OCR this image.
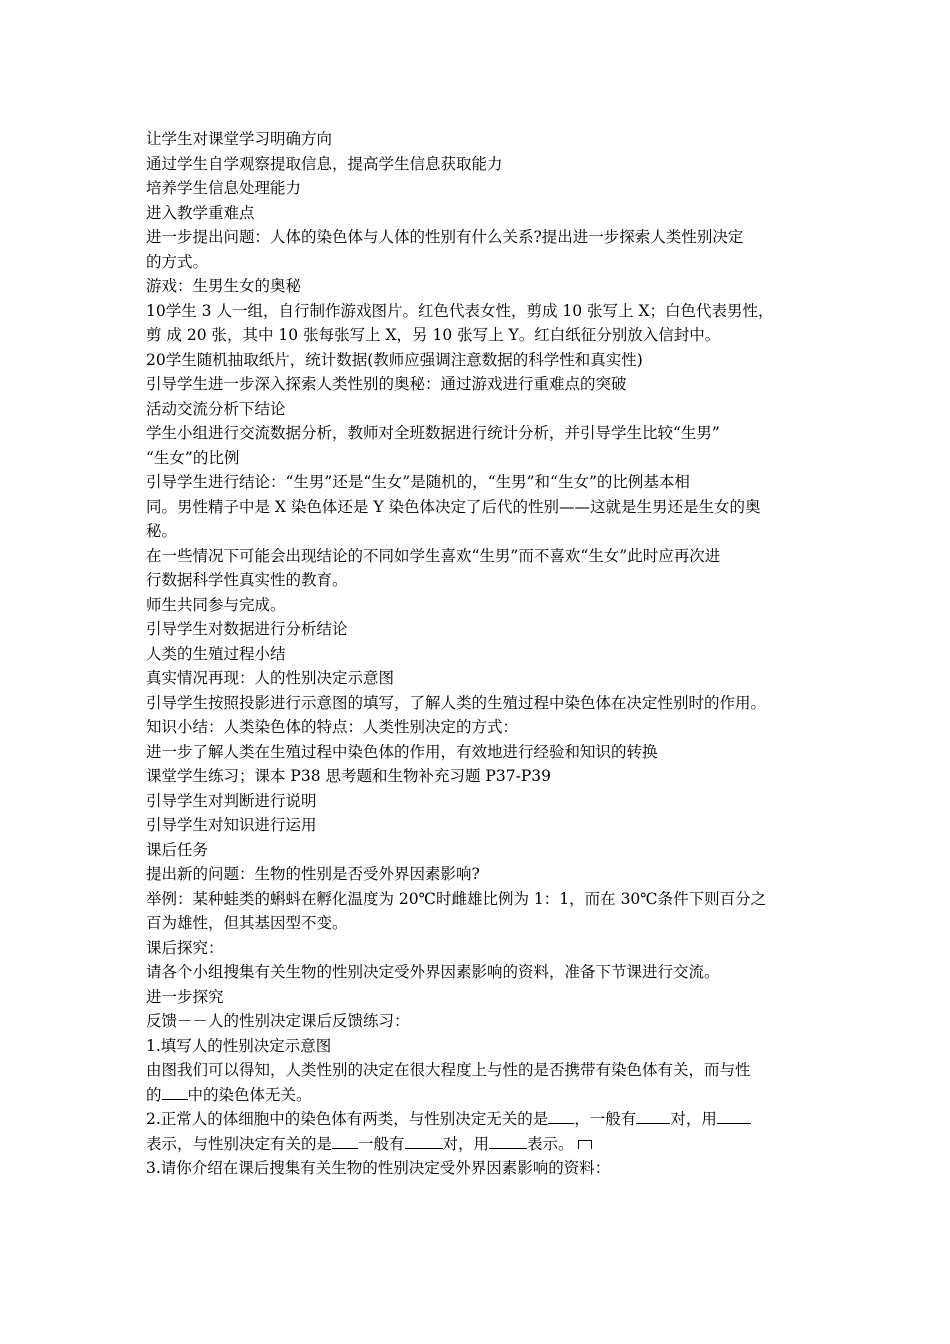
让学生对课堂学习明确方向
通过学生自学观察提取信息，提高学生信息获取能力
培养学生信息处理能力
进入教学重难点
进一步提出问题：人体的染色体与人体的性别有什么关系?提出进一步探索人类性别决定
的方式。
游戏：生男生女的奥秘
10学生 3 人一组，自行制作游戏图片。红色代表女性，剪成 10 张写上 X；白色代表男性，
剪 成 20 张，其中 10 张每张写上 X，另 10 张写上 Y。红白纸征分别放入信封中。
20学生随机抽取纸片，统计数据(教师应强调注意数据的科学性和真实性)
引导学生进一步深入探索人类性别的奥秘：通过游戏进行重难点的突破
活动交流分析下结论
学生小组进行交流数据分析，教师对全班数据进行统计分析，并引导学生比较“生男”
“生女”的比例
引导学生进行结论：“生男”还是“生女”是随机的，“生男”和“生女”的比例基本相
同。男性精子中是 X 染色体还是 Y 染色体决定了后代的性别——这就是生男还是生女的奥
秘。
在一些情况下可能会出现结论的不同如学生喜欢“生男”而不喜欢“生女”此时应再次进
行数据科学性真实性的教育。
师生共同参与完成。
引导学生对数据进行分析结论
人类的生殖过程小结
真实情况再现：人的性别决定示意图
引导学生按照投影进行示意图的填写，了解人类的生殖过程中染色体在决定性别时的作用。
知识小结：人类染色体的特点：人类性别决定的方式：
进一步了解人类在生殖过程中染色体的作用，有效地进行经验和知识的转换
课堂学生练习；课本 P38 思考题和生物补充习题 P37-P39
引导学生对判断进行说明
引导学生对知识进行运用
课后任务
提出新的问题：生物的性别是否受外界因素影响?
举例：某种蛙类的蝌蚪在孵化温度为 20℃时雌雄比例为 1：1，而在 30℃条件下则百分之
百为雄性，但其基因型不变。
课后探究：
请各个小组搜集有关生物的性别决定受外界因素影响的资料，准备下节课进行交流。
进一步探究
反馈－－人的性别决定课后反馈练习：
1.填写人的性别决定示意图
由图我们可以得知，人类性别的决定在很大程度上与性的是否携带有染色体有关，而与性
的 中的染色体无关。
2.正常人的体细胞中的染色体有两类，与性别决定无关的是 ，一般有 对，用
表示，与性别决定有关的是 一般有 对，用 表示。
3.请你介绍在课后搜集有关生物的性别决定受外界因素影响的资料：
